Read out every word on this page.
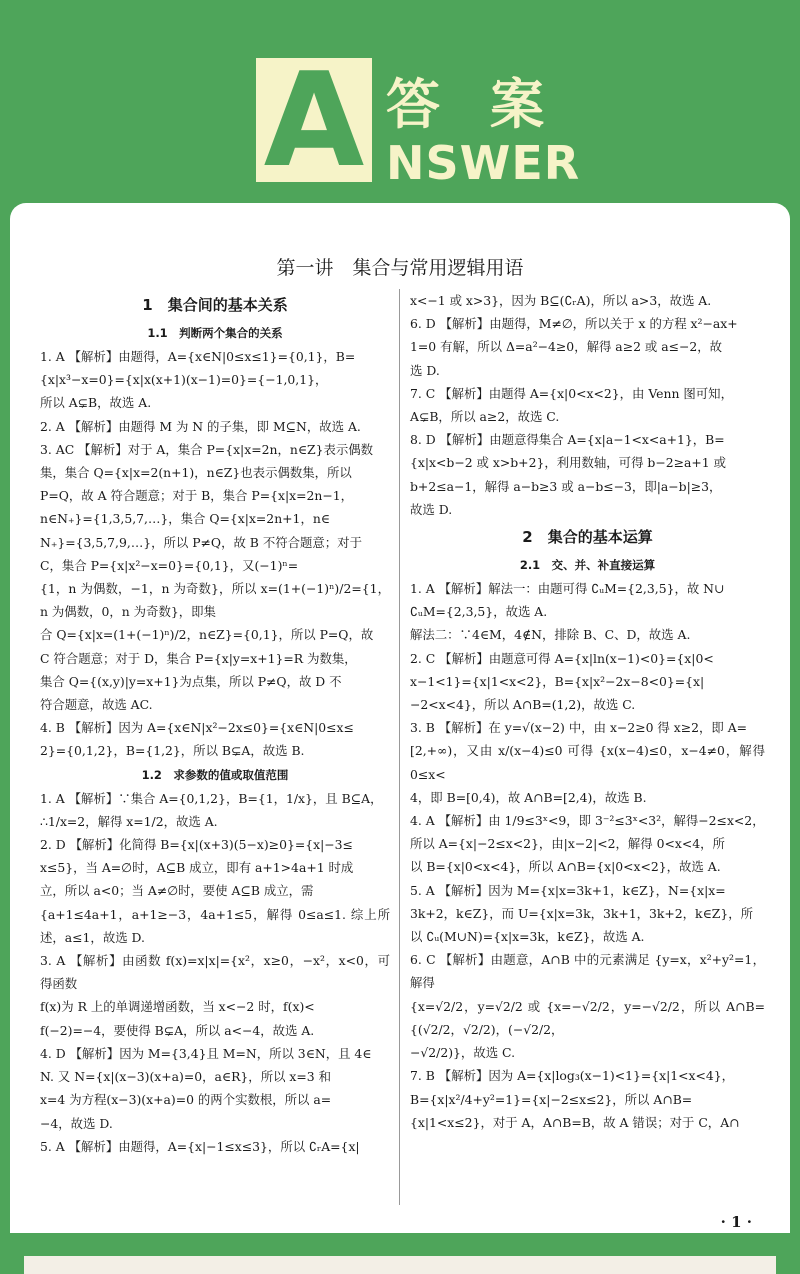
A 答案
NSWER
第一讲　集合与常用逻辑用语
1　集合间的基本关系
1.1　判断两个集合的关系

1. A 【解析】由题得，A={x∈N|0≤x≤1}={0,1}，B=

{x|x³−x=0}={x|x(x+1)(x−1)=0}={−1,0,1}，

所以 A⊊B，故选 A.

2. A 【解析】由题得 M 为 N 的子集，即 M⊆N，故选 A.

3. AC 【解析】对于 A，集合 P={x|x=2n，n∈Z}表示偶数

集，集合 Q={x|x=2(n+1)，n∈Z}也表示偶数集，所以

P=Q，故 A 符合题意；对于 B，集合 P={x|x=2n−1，

n∈N₊}={1,3,5,7,…}，集合 Q={x|x=2n+1，n∈

N₊}={3,5,7,9,…}，所以 P≠Q，故 B 不符合题意；对于

C，集合 P={x|x²−x=0}={0,1}，又(−1)ⁿ=

{1，n 为偶数，−1，n 为奇数}，所以 x=(1+(−1)ⁿ)/2={1，n 为偶数，0，n 为奇数}，即集

合 Q={x|x=(1+(−1)ⁿ)/2，n∈Z}={0,1}，所以 P=Q，故

C 符合题意；对于 D，集合 P={x|y=x+1}=R 为数集，

集合 Q={(x,y)|y=x+1}为点集，所以 P≠Q，故 D 不

符合题意，故选 AC.

4. B 【解析】因为 A={x∈N|x²−2x≤0}={x∈N|0≤x≤

2}={0,1,2}，B={1,2}，所以 B⊊A，故选 B.

1.2　求参数的值或取值范围

1. A 【解析】∵集合 A={0,1,2}，B={1，1/x}，且 B⊆A，

∴1/x=2，解得 x=1/2，故选 A.

2. D 【解析】化简得 B={x|(x+3)(5−x)≥0}={x|−3≤

x≤5}，当 A=∅时，A⊆B 成立，即有 a+1>4a+1 时成

立，所以 a<0；当 A≠∅时，要使 A⊆B 成立，需

{a+1≤4a+1，a+1≥−3，4a+1≤5，解得 0≤a≤1. 综上所述，a≤1，故选 D.

3. A 【解析】由函数 f(x)=x|x|={x²，x≥0，−x²，x<0，可得函数

f(x)为 R 上的单调递增函数，当 x<−2 时，f(x)<

f(−2)=−4，要使得 B⊊A，所以 a<−4，故选 A.

4. D 【解析】因为 M={3,4}且 M=N，所以 3∈N，且 4∈

N. 又 N={x|(x−3)(x+a)=0，a∈R}，所以 x=3 和

x=4 为方程(x−3)(x+a)=0 的两个实数根，所以 a=

−4，故选 D.

5. A 【解析】由题得，A={x|−1≤x≤3}，所以 ∁ᵣA={x|

x<−1 或 x>3}，因为 B⊆(∁ᵣA)，所以 a>3，故选 A.

6. D 【解析】由题得，M≠∅，所以关于 x 的方程 x²−ax+

1=0 有解，所以 Δ=a²−4≥0，解得 a≥2 或 a≤−2，故

选 D.

7. C 【解析】由题得 A={x|0<x<2}，由 Venn 图可知，

A⊊B，所以 a≥2，故选 C.

8. D 【解析】由题意得集合 A={x|a−1<x<a+1}，B=

{x|x<b−2 或 x>b+2}，利用数轴，可得 b−2≥a+1 或

b+2≤a−1，解得 a−b≥3 或 a−b≤−3，即|a−b|≥3，

故选 D.

2　集合的基本运算
2.1　交、并、补直接运算

1. A 【解析】解法一：由题可得 ∁ᵤM={2,3,5}，故 N∪

∁ᵤM={2,3,5}，故选 A.

解法二：∵4∈M，4∉N，排除 B、C、D，故选 A.

2. C 【解析】由题意可得 A={x|ln(x−1)<0}={x|0<

x−1<1}={x|1<x<2}，B={x|x²−2x−8<0}={x|

−2<x<4}，所以 A∩B=(1,2)，故选 C.

3. B 【解析】在 y=√(x−2) 中，由 x−2≥0 得 x≥2，即 A=

[2,+∞)，又由 x/(x−4)≤0 可得 {x(x−4)≤0，x−4≠0，解得 0≤x<

4，即 B=[0,4)，故 A∩B=[2,4)，故选 B.

4. A 【解析】由 1/9≤3ˣ<9，即 3⁻²≤3ˣ<3²，解得−2≤x<2，

所以 A={x|−2≤x<2}，由|x−2|<2，解得 0<x<4，所

以 B={x|0<x<4}，所以 A∩B={x|0<x<2}，故选 A.

5. A 【解析】因为 M={x|x=3k+1，k∈Z}，N={x|x=

3k+2，k∈Z}，而 U={x|x=3k，3k+1，3k+2，k∈Z}，所

以 ∁ᵤ(M∪N)={x|x=3k，k∈Z}，故选 A.

6. C 【解析】由题意，A∩B 中的元素满足 {y=x，x²+y²=1，解得

{x=√2/2，y=√2/2 或 {x=−√2/2，y=−√2/2，所以 A∩B={(√2/2，√2/2)，(−√2/2，

−√2/2)}，故选 C.

7. B 【解析】因为 A={x|log₃(x−1)<1}={x|1<x<4}，

B={x|x²/4+y²=1}={x|−2≤x≤2}，所以 A∩B=

{x|1<x≤2}，对于 A，A∩B=B，故 A 错误；对于 C，A∩

· 1 ·
